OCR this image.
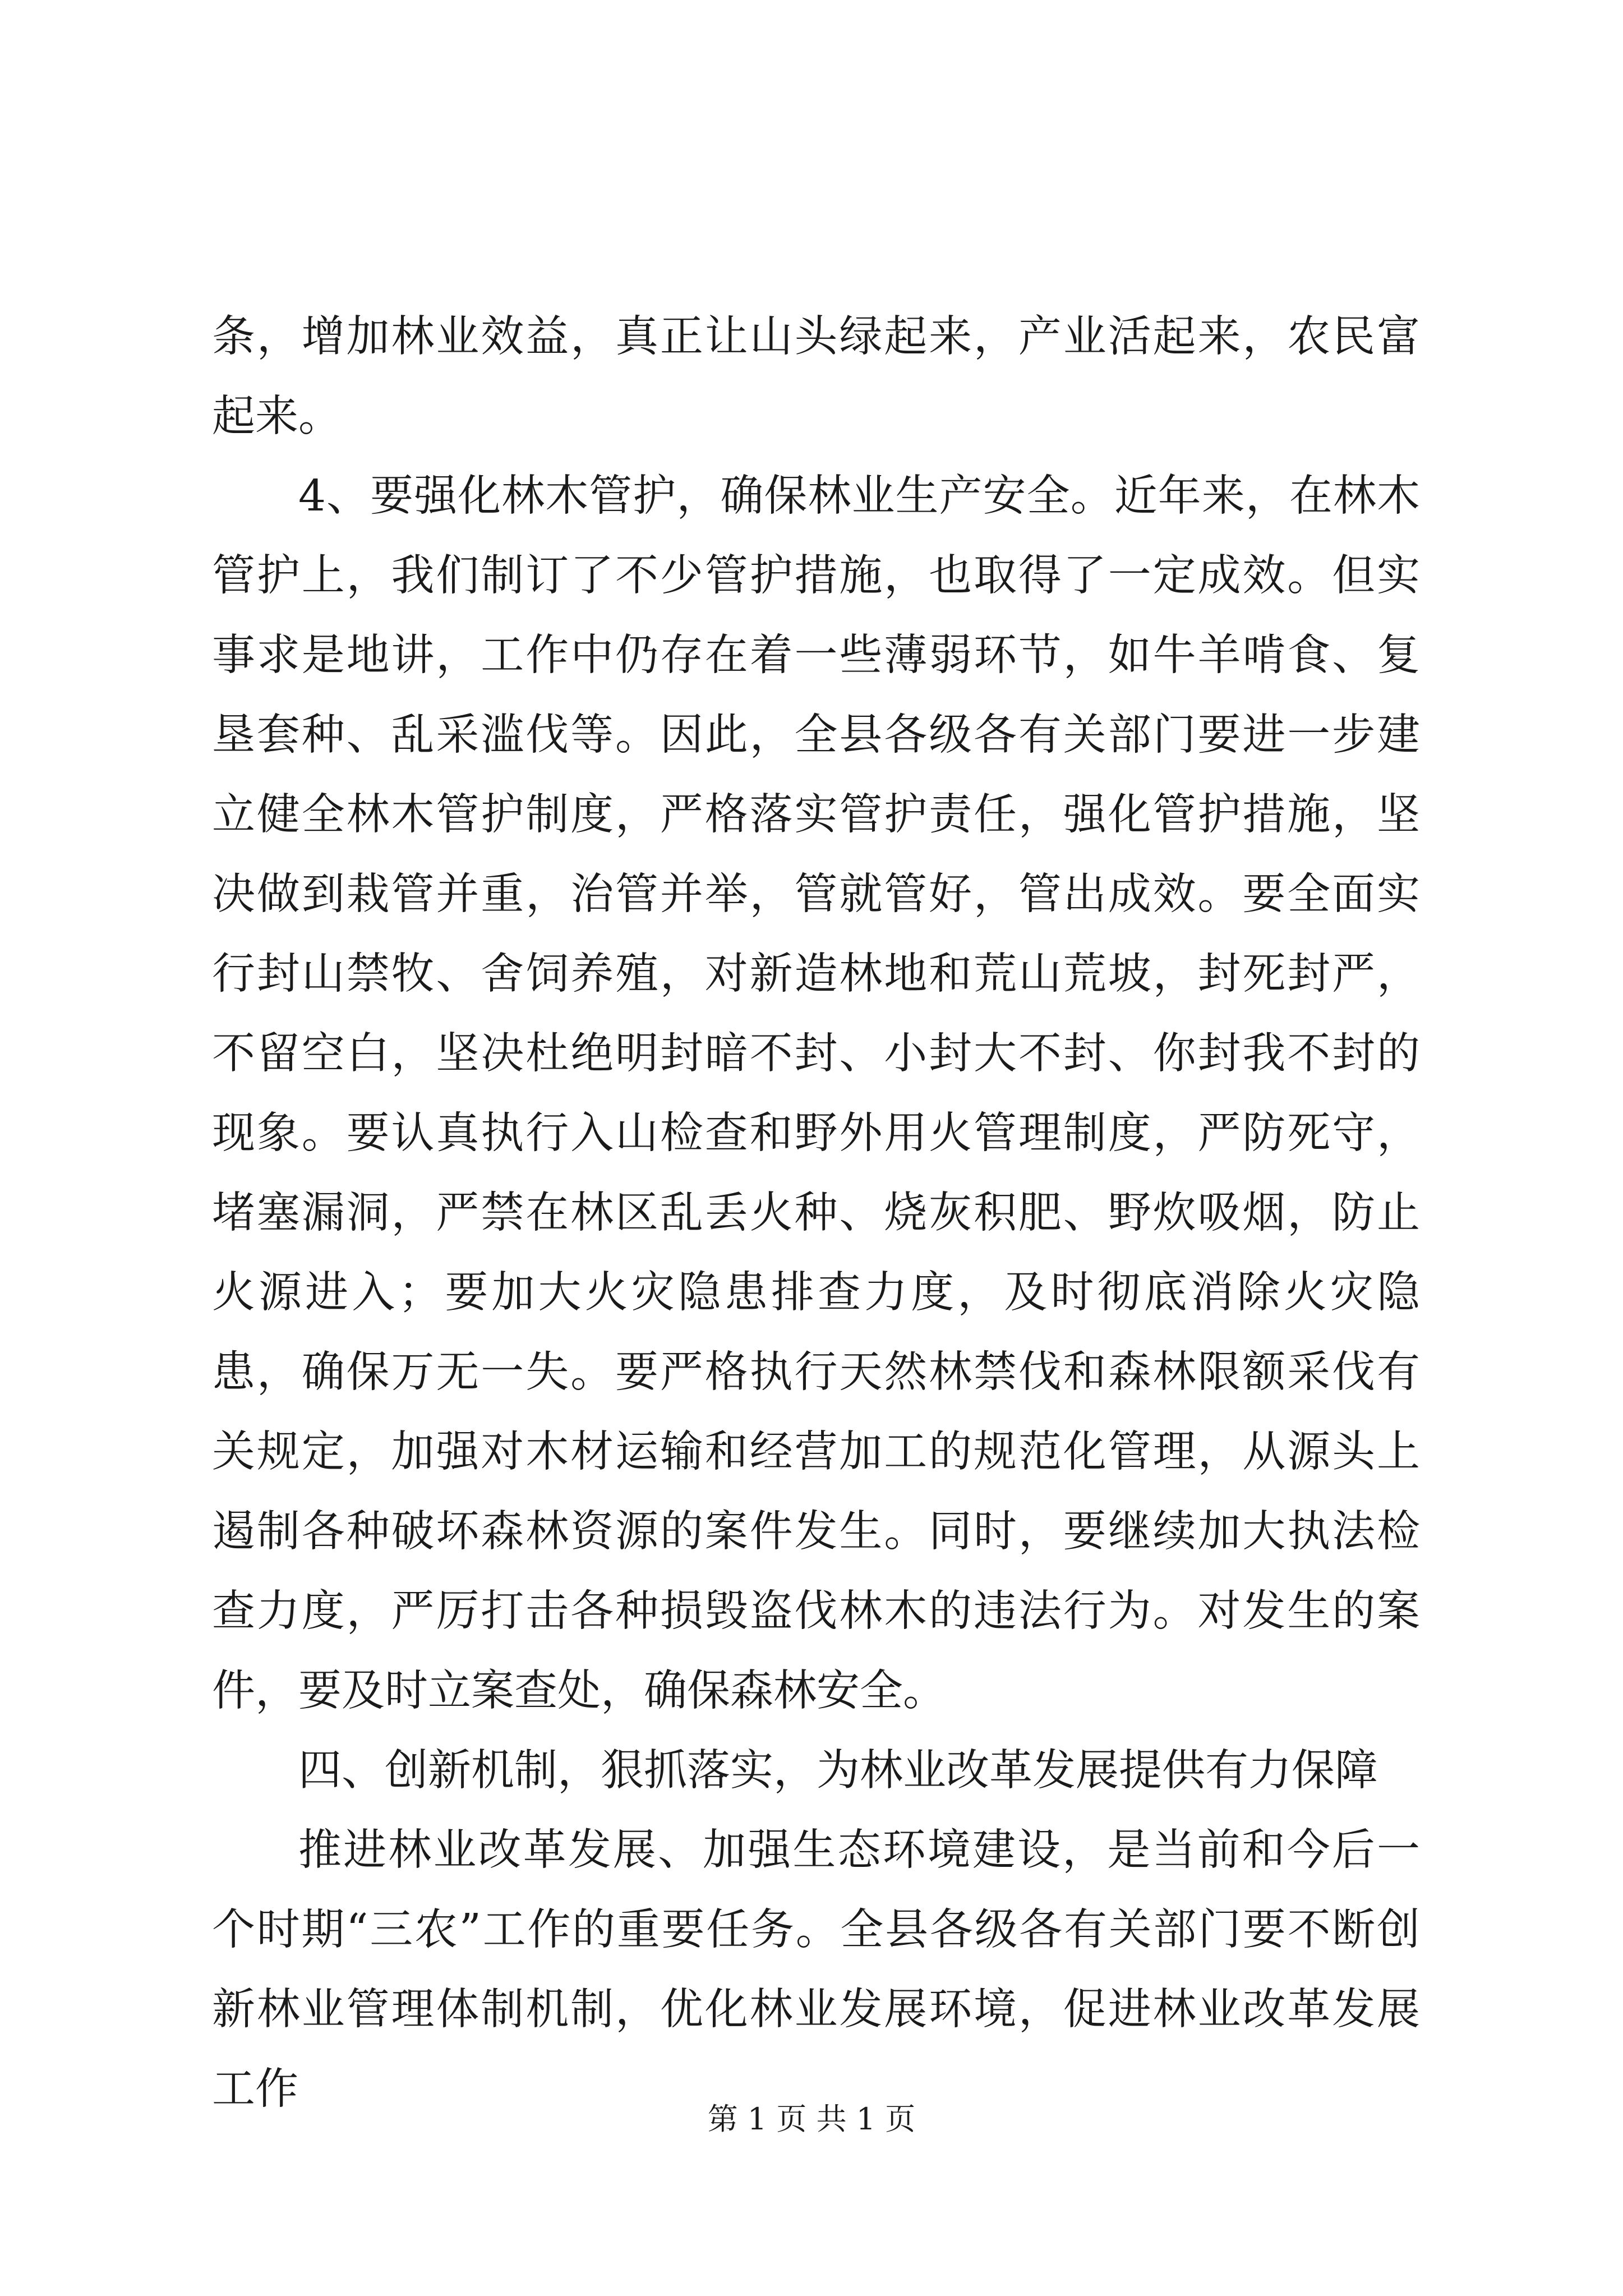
条，增加林业效益，真正让山头绿起来，产业活起来，农民富起来。

4、要强化林木管护，确保林业生产安全。近年来，在林木管护上，我们制订了不少管护措施，也取得了一定成效。但实事求是地讲，工作中仍存在着一些薄弱环节，如牛羊啃食、复垦套种、乱采滥伐等。因此，全县各级各有关部门要进一步建立健全林木管护制度，严格落实管护责任，强化管护措施，坚决做到栽管并重，治管并举，管就管好，管出成效。要全面实行封山禁牧、舍饲养殖，对新造林地和荒山荒坡，封死封严，不留空白，坚决杜绝明封暗不封、小封大不封、你封我不封的现象。要认真执行入山检查和野外用火管理制度，严防死守，堵塞漏洞，严禁在林区乱丢火种、烧灰积肥、野炊吸烟，防止火源进入；要加大火灾隐患排查力度，及时彻底消除火灾隐患，确保万无一失。要严格执行天然林禁伐和森林限额采伐有关规定，加强对木材运输和经营加工的规范化管理，从源头上遏制各种破坏森林资源的案件发生。同时，要继续加大执法检查力度，严厉打击各种损毁盗伐林木的违法行为。对发生的案件，要及时立案查处，确保森林安全。

四、创新机制，狠抓落实，为林业改革发展提供有力保障

推进林业改革发展、加强生态环境建设，是当前和今后一个时期“三农”工作的重要任务。全县各级各有关部门要不断创新林业管理体制机制，优化林业发展环境，促进林业改革发展工作

第 1 页 共 1 页
